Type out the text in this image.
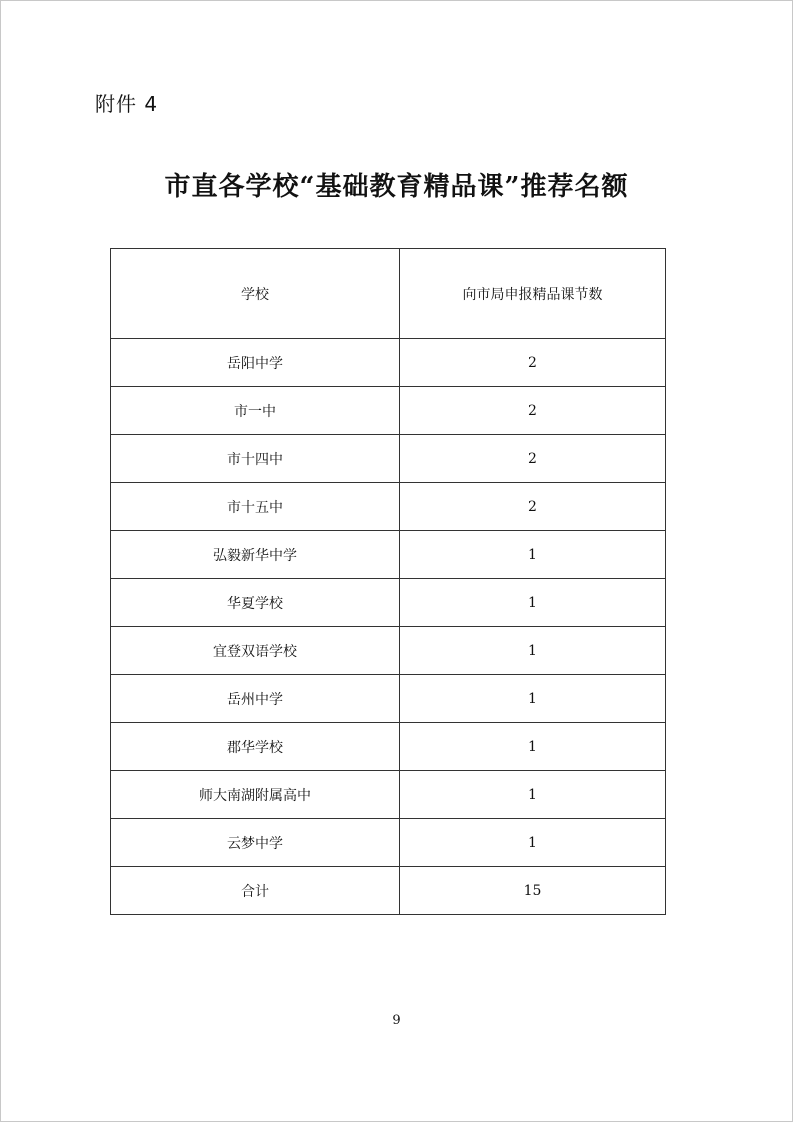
附件 4
市直各学校“基础教育精品课”推荐名额
学校	向市局申报精品课节数
岳阳中学	2
市一中	2
市十四中	2
市十五中	2
弘毅新华中学	1
华夏学校	1
宜登双语学校	1
岳州中学	1
郡华学校	1
师大南湖附属高中	1
云梦中学	1
合计	15
9
